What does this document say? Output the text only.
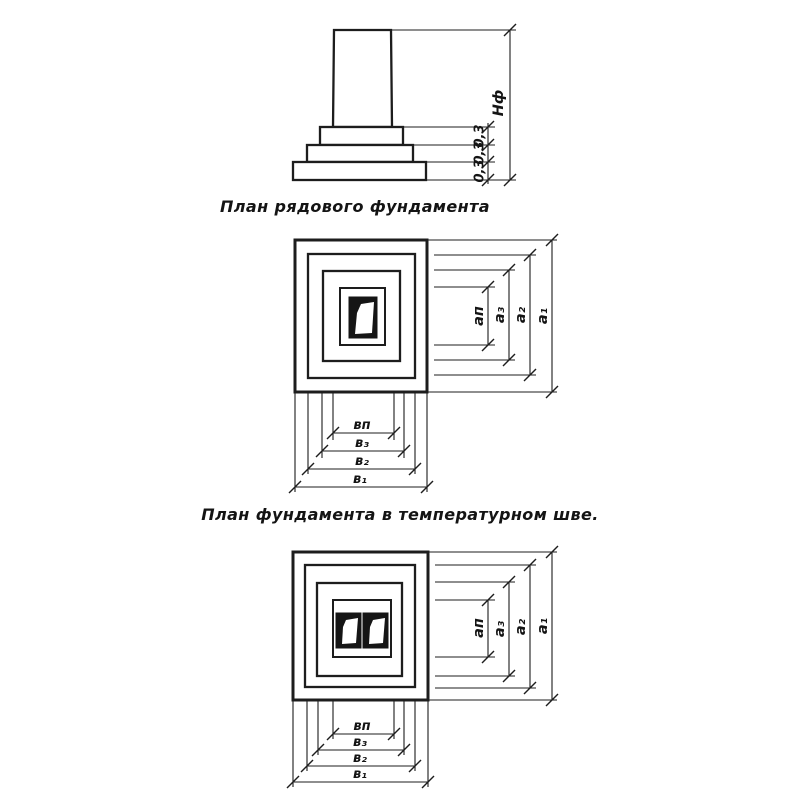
0,3
0,3
0,3
Нф
План рядового фундамента
ап а₃ а₂ а₁
вп
в₃
в₂
в₁
План фундамента в температурном шве.
ап а₃ а₂ а₁
вп
в₃
в₂
в₁
